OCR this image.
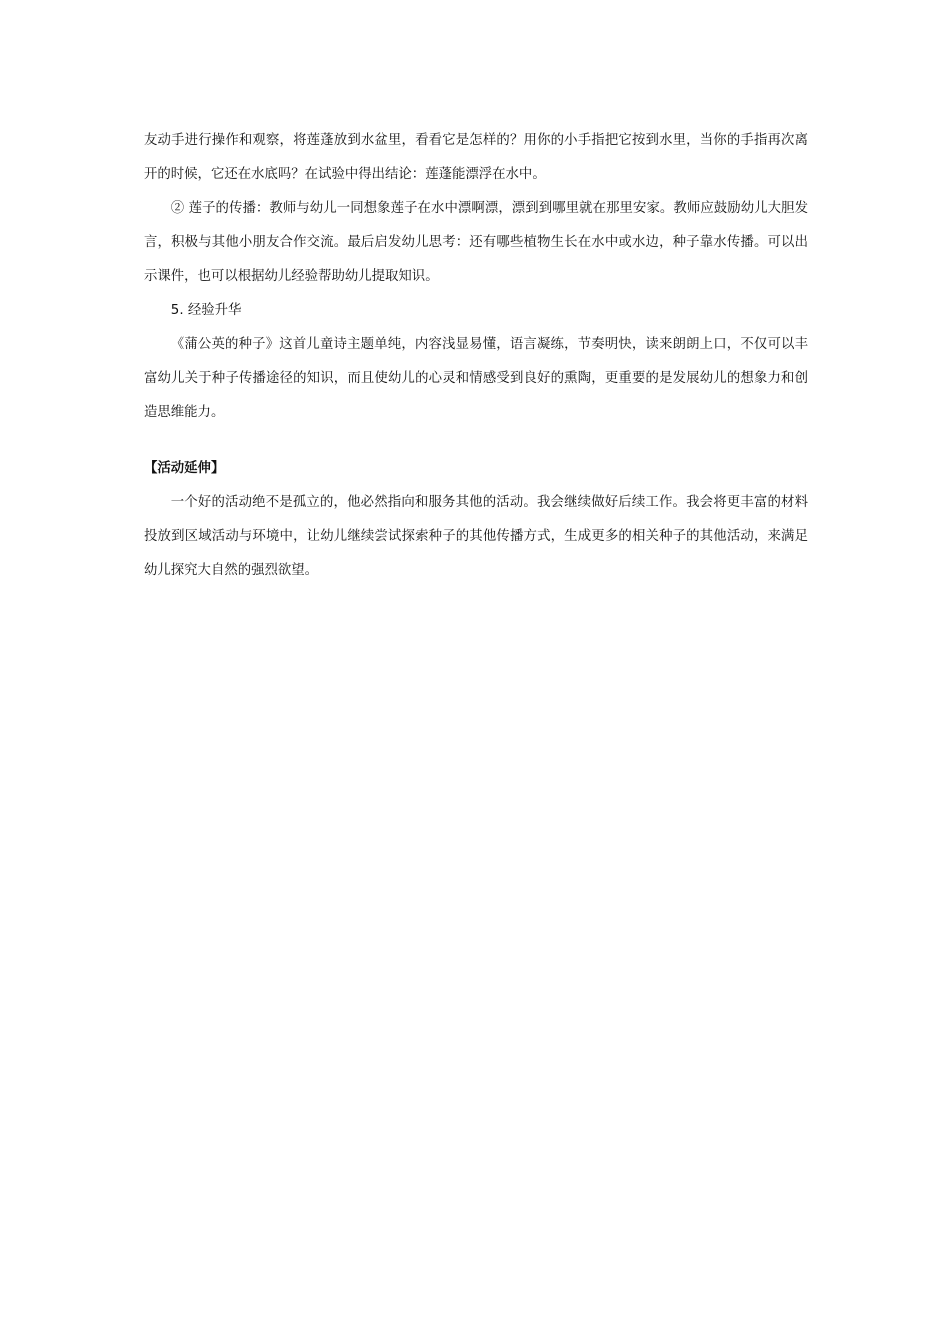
友动手进行操作和观察，将莲蓬放到水盆里，看看它是怎样的？用你的小手指把它按到水里，当你的手指再次离开的时候，它还在水底吗？在试验中得出结论：莲蓬能漂浮在水中。

② 莲子的传播：教师与幼儿一同想象莲子在水中漂啊漂，漂到到哪里就在那里安家。教师应鼓励幼儿大胆发言，积极与其他小朋友合作交流。最后启发幼儿思考：还有哪些植物生长在水中或水边，种子靠水传播。可以出示课件，也可以根据幼儿经验帮助幼儿提取知识。

5. 经验升华

《蒲公英的种子》这首儿童诗主题单纯，内容浅显易懂，语言凝练，节奏明快，读来朗朗上口，不仅可以丰富幼儿关于种子传播途径的知识，而且使幼儿的心灵和情感受到良好的熏陶，更重要的是发展幼儿的想象力和创造思维能力。

【活动延伸】

一个好的活动绝不是孤立的，他必然指向和服务其他的活动。我会继续做好后续工作。我会将更丰富的材料投放到区域活动与环境中，让幼儿继续尝试探索种子的其他传播方式，生成更多的相关种子的其他活动，来满足幼儿探究大自然的强烈欲望。
